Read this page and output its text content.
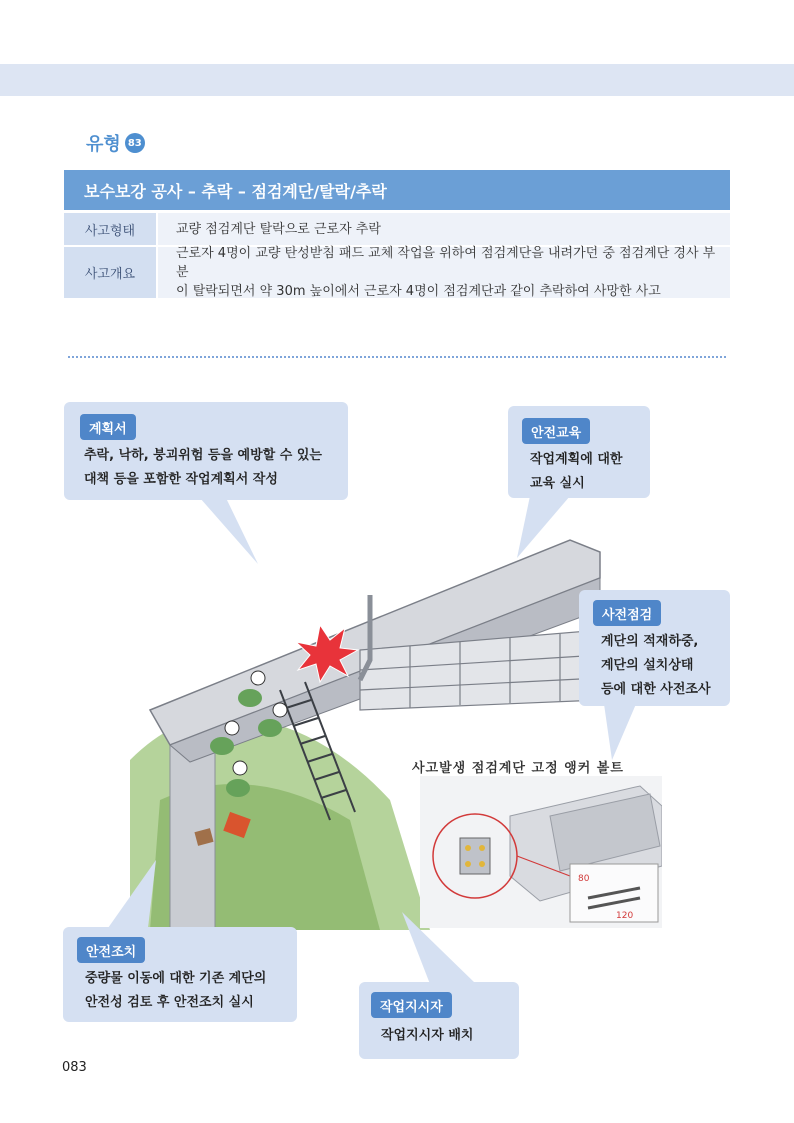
유형 83
보수보강 공사 – 추락 – 점검계단/탈락/추락
사고형태	교량 점검계단 탈락으로 근로자 추락
사고개요
근로자 4명이 교량 탄성받침 패드 교체 작업을 위하여 점검계단을 내려가던 중 점검계단 경사 부분
이 탈락되면서 약 30m 높이에서 근로자 4명이 점검계단과 같이 추락하여 사망한 사고
사고발생 점검계단 고정 앵커 볼트
80
120
계획서
추락, 낙하, 붕괴위험 등을 예방할 수 있는
대책 등을 포함한 작업계획서 작성
안전교육
작업계획에 대한
교육 실시
사전점검
계단의 적재하중,
계단의 설치상태
등에 대한 사전조사
안전조치
중량물 이동에 대한 기존 계단의
안전성 검토 후 안전조치 실시	작업지시자
작업지시자 배치
083
